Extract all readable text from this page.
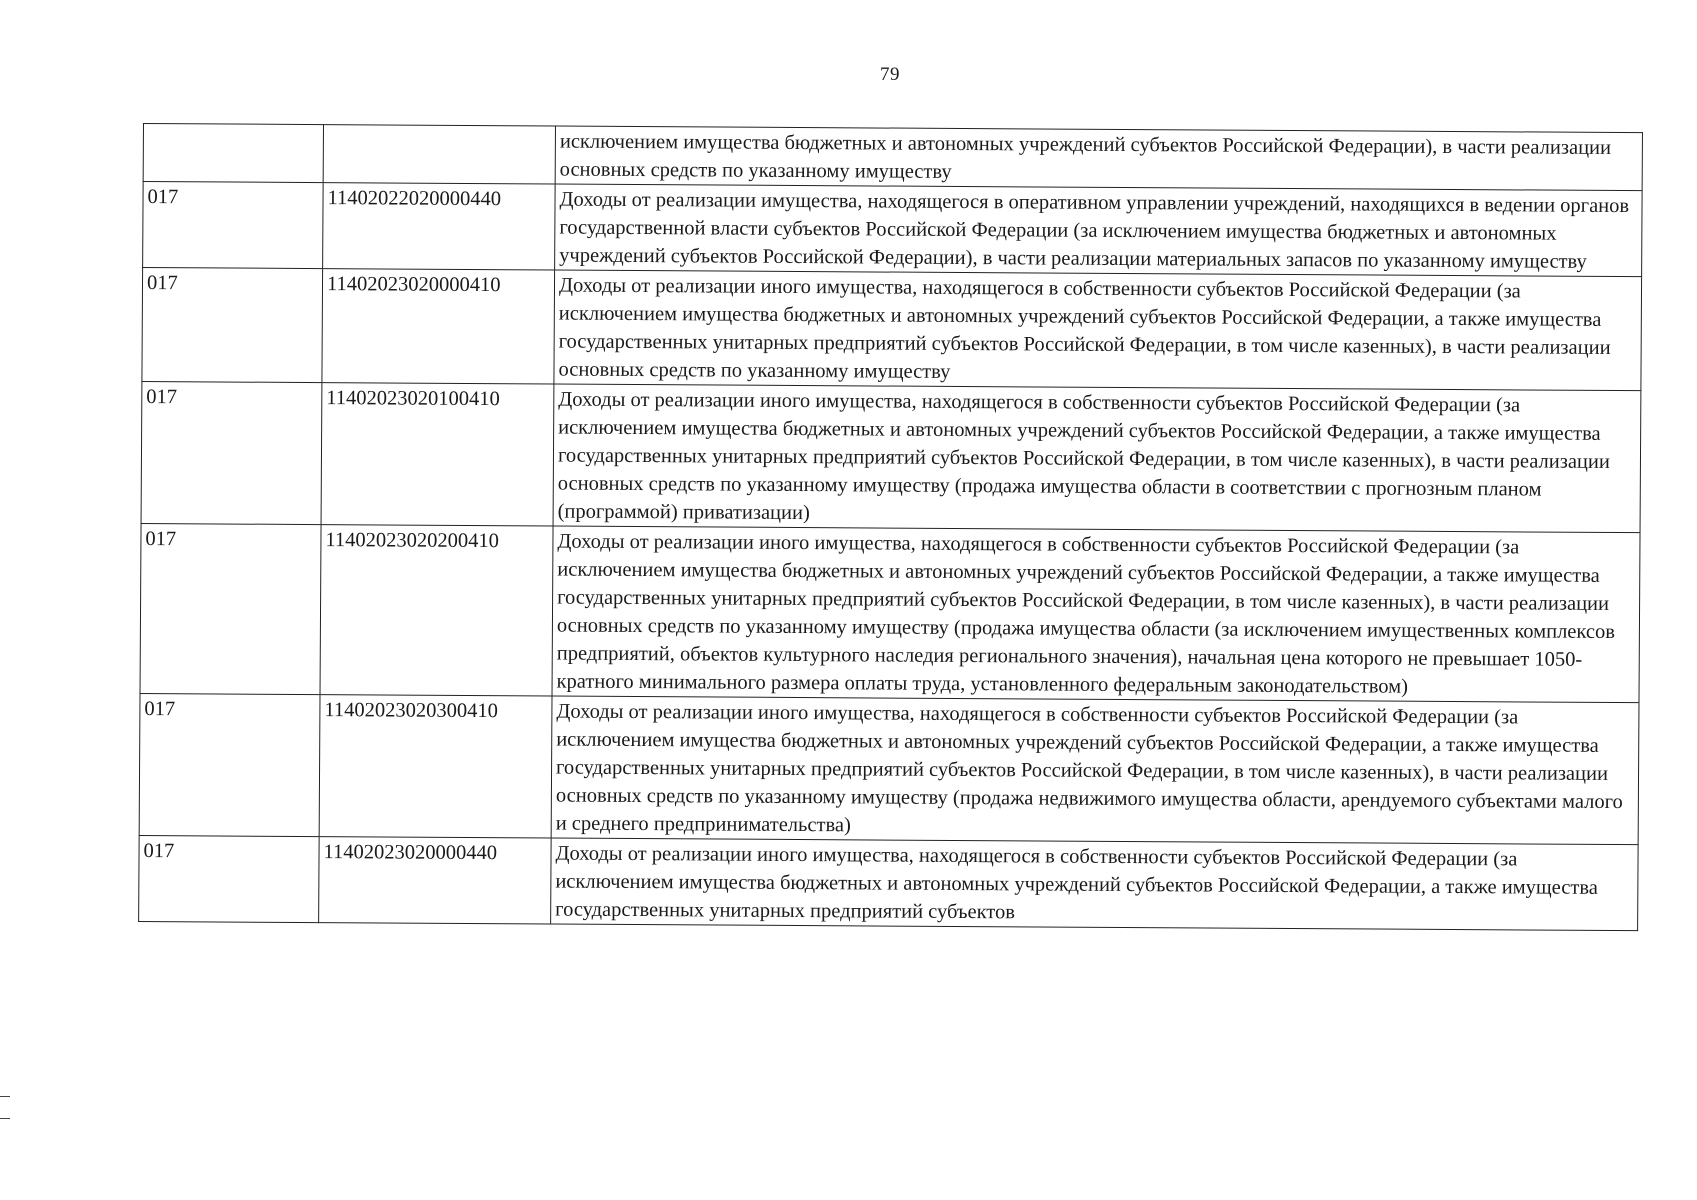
79
		исключением имущества бюджетных и автономных учреждений субъектов Российской Федерации), в части реализации основных средств по указанному имуществу
017	11402022020000440	Доходы от реализации имущества, находящегося в оперативном управлении учреждений, находящихся в ведении органов государственной власти субъектов Российской Федерации (за исключением имущества бюджетных и автономных учреждений субъектов Российской Федерации), в части реализации материальных запасов по указанному имуществу
017	11402023020000410	Доходы от реализации иного имущества, находящегося в собственности субъектов Российской Федерации (за исключением имущества бюджетных и автономных учреждений субъектов Российской Федерации, а также имущества государственных унитарных предприятий субъектов Российской Федерации, в том числе казенных), в части реализации основных средств по указанному имуществу
017	11402023020100410	Доходы от реализации иного имущества, находящегося в собственности субъектов Российской Федерации (за исключением имущества бюджетных и автономных учреждений субъектов Российской Федерации, а также имущества государственных унитарных предприятий субъектов Российской Федерации, в том числе казенных), в части реализации основных средств по указанному имуществу (продажа имущества области в соответствии с прогнозным планом (программой) приватизации)
017	11402023020200410	Доходы от реализации иного имущества, находящегося в собственности субъектов Российской Федерации (за исключением имущества бюджетных и автономных учреждений субъектов Российской Федерации, а также имущества государственных унитарных предприятий субъектов Российской Федерации, в том числе казенных), в части реализации основных средств по указанному имуществу (продажа имущества области (за исключением имущественных комплексов предприятий, объектов культурного наследия регионального значения), начальная цена которого не превышает 1050-кратного минимального размера оплаты труда, установленного федеральным законодательством)
017	11402023020300410	Доходы от реализации иного имущества, находящегося в собственности субъектов Российской Федерации (за исключением имущества бюджетных и автономных учреждений субъектов Российской Федерации, а также имущества государственных унитарных предприятий субъектов Российской Федерации, в том числе казенных), в части реализации основных средств по указанному имуществу (продажа недвижимого имущества области, арендуемого субъектами малого и среднего предпринимательства)
017	11402023020000440	Доходы от реализации иного имущества, находящегося в собственности субъектов Российской Федерации (за исключением имущества бюджетных и автономных учреждений субъектов Российской Федерации, а также имущества государственных унитарных предприятий субъектов
